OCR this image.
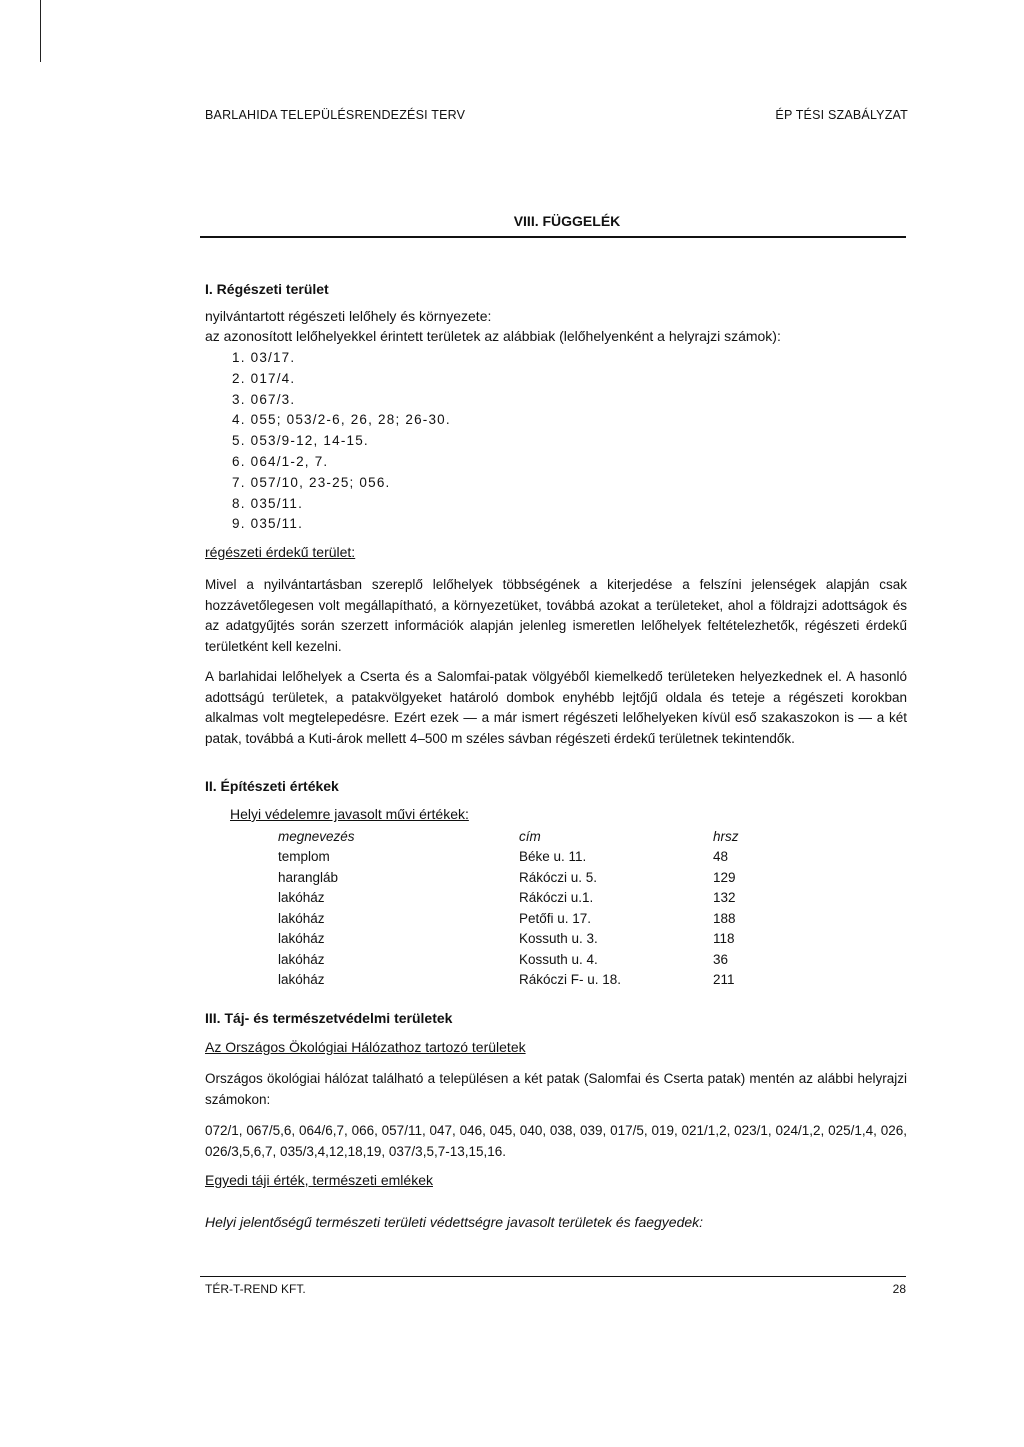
BARLAHIDA TELEPÜLÉSRENDEZÉSI TERV	ÉP TÉSI SZABÁLYZAT
VIII. FÜGGELÉK
I. Régészeti terület
nyilvántartott régészeti lelőhely és környezete:
az azonosított lelőhelyekkel érintett területek az alábbiak (lelőhelyenként a helyrajzi számok):
1. 03/17.
2. 017/4.
3. 067/3.
4. 055; 053/2-6, 26, 28; 26-30.
5. 053/9-12, 14-15.
6. 064/1-2, 7.
7. 057/10, 23-25; 056.
8. 035/11.
9. 035/11.
régészeti érdekű terület:
Mivel a nyilvántartásban szereplő lelőhelyek többségének a kiterjedése a felszíni jelenségek alapján csak hozzávetőlegesen volt megállapítható, a környezetüket, továbbá azokat a területeket, ahol a földrajzi adottságok és az adatgyűjtés során szerzett információk alapján jelenleg ismeretlen lelőhelyek feltételezhetők, régészeti érdekű területként kell kezelni.
A barlahidai lelőhelyek a Cserta és a Salomfai-patak völgyéből kiemelkedő területeken helyezkednek el. A hasonló adottságú területek, a patakvölgyeket határoló dombok enyhébb lejtőjű oldala és teteje a régészeti korokban alkalmas volt megtelepedésre. Ezért ezek — a már ismert régészeti lelőhelyeken kívül eső szakaszokon is — a két patak, továbbá a Kuti-árok mellett 4–500 m széles sávban régészeti érdekű területnek tekintendők.
II. Építészeti értékek
Helyi védelemre javasolt művi értékek:
megnevezés	cím	hrsz
templom	Béke u. 11.	48
harangláb	Rákóczi u. 5.	129
lakóház	Rákóczi u.1.	132
lakóház	Petőfi u. 17.	188
lakóház	Kossuth u. 3.	118
lakóház	Kossuth u. 4.	36
lakóház	Rákóczi F- u. 18.	211
III. Táj- és természetvédelmi területek
Az Országos Ökológiai Hálózathoz tartozó területek
Országos ökológiai hálózat található a településen a két patak (Salomfai és Cserta patak) mentén az alábbi helyrajzi számokon:
072/1, 067/5,6, 064/6,7, 066, 057/11, 047, 046, 045, 040, 038, 039, 017/5, 019, 021/1,2, 023/1, 024/1,2, 025/1,4, 026, 026/3,5,6,7, 035/3,4,12,18,19, 037/3,5,7-13,15,16.
Egyedi táji érték, természeti emlékek
Helyi jelentőségű természeti területi védettségre javasolt területek és faegyedek:
TÉR-T-REND KFT.	28
